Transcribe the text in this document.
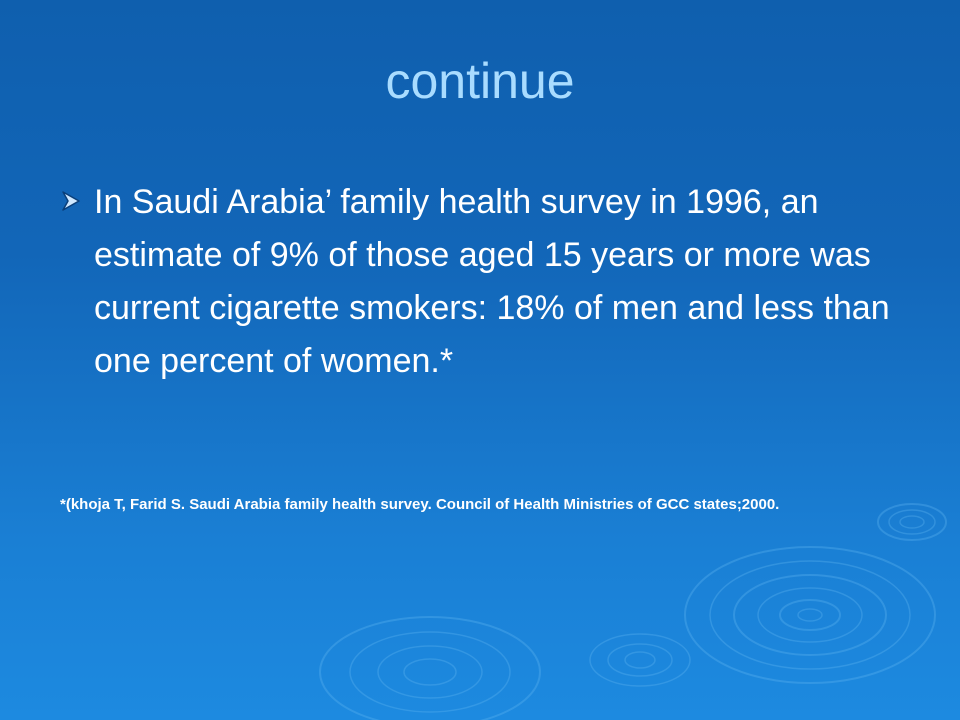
continue

In Saudi Arabia’ family health survey in 1996, an estimate of 9% of those aged 15 years or more was current cigarette smokers: 18% of men and less than one percent of women.*

*(khoja T, Farid S. Saudi Arabia family health survey. Council of Health Ministries of GCC states;2000.
